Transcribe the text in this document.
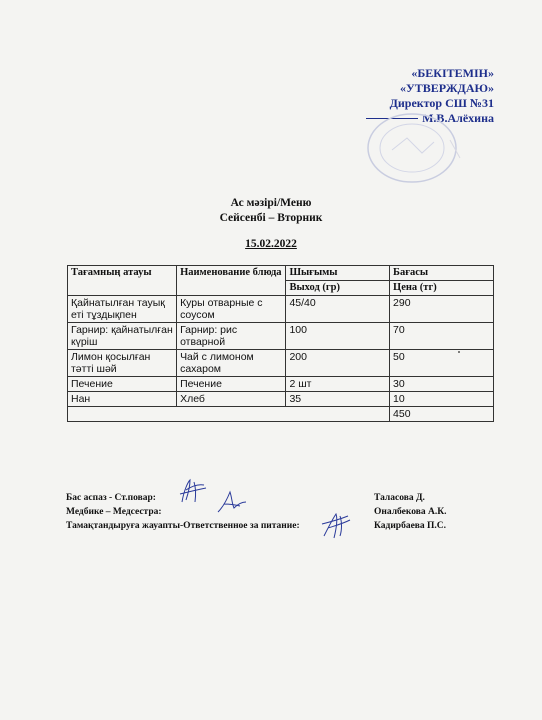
«БЕКІТЕМІН»
«УТВЕРЖДАЮ»
Директор СШ №31
М.В.Алёхина
Ас мәзірі/Меню
Сейсенбі – Вторник
15.02.2022
Тағамның атауы	Наименование блюда	Шығымы	Бағасы
		Выход (гр)	Цена (тг)
Қайнатылған тауық еті тұздықпен	Куры отварные с соусом	45/40	290
Гарнир: қайнатылған күріш	Гарнир: рис отварной	100	70
Лимон қосылған тәтті шәй	Чай с лимоном сахаром	200	50
Печение	Печение	2 шт	30
Нан	Хлеб	35	10
			450
Бас аспаз - Ст.повар:	Таласова Д.
Медбике – Медсестра:	Оналбекова А.К.
Тамақтандыруға жауапты-Ответственное за питание:	Кадирбаева П.С.
